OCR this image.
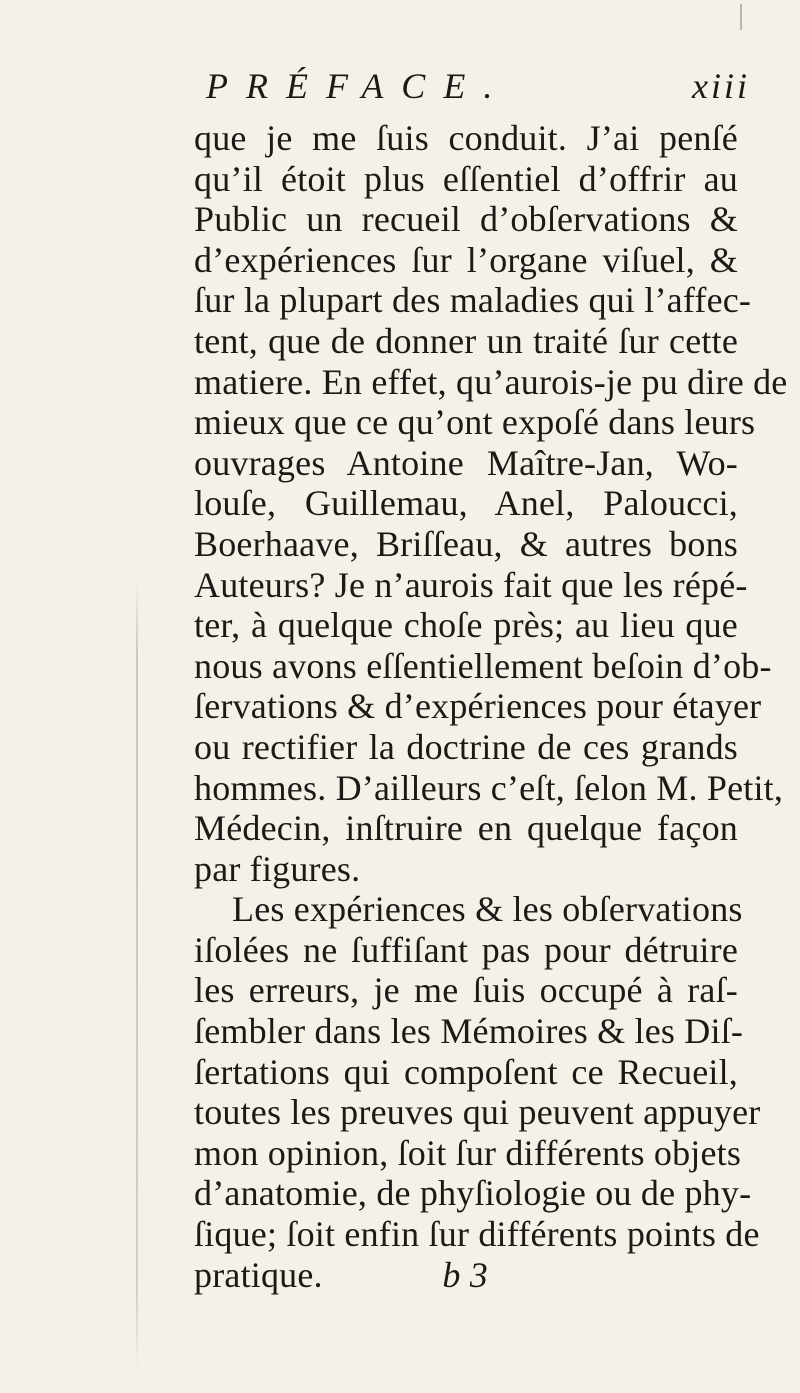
PRÉFACE.	xiii
que je me ſuis conduit. J’ai penſé
qu’il étoit plus eſſentiel d’offrir au
Public un recueil d’obſervations &
d’expériences ſur l’organe viſuel, &
ſur la plupart des maladies qui l’affec-
tent, que de donner un traité ſur cette
matiere. En effet, qu’aurois-je pu dire de
mieux que ce qu’ont expoſé dans leurs
ouvrages Antoine Maître-Jan, Wo-
louſe, Guillemau, Anel, Paloucci,
Boerhaave, Briſſeau, & autres bons
Auteurs? Je n’aurois fait que les répé-
ter, à quelque choſe près; au lieu que
nous avons eſſentiellement beſoin d’ob-
ſervations & d’expériences pour étayer
ou rectifier la doctrine de ces grands
hommes. D’ailleurs c’eſt, ſelon M. Petit,
Médecin, inſtruire en quelque façon
par figures.
Les expériences & les obſervations
iſolées ne ſuffiſant pas pour détruire
les erreurs, je me ſuis occupé à raſ-
ſembler dans les Mémoires & les Diſ-
ſertations qui compoſent ce Recueil,
toutes les preuves qui peuvent appuyer
mon opinion, ſoit ſur différents objets
d’anatomie, de phyſiologie ou de phy-
ſique; ſoit enfin ſur différents points de
pratique.	b 3
